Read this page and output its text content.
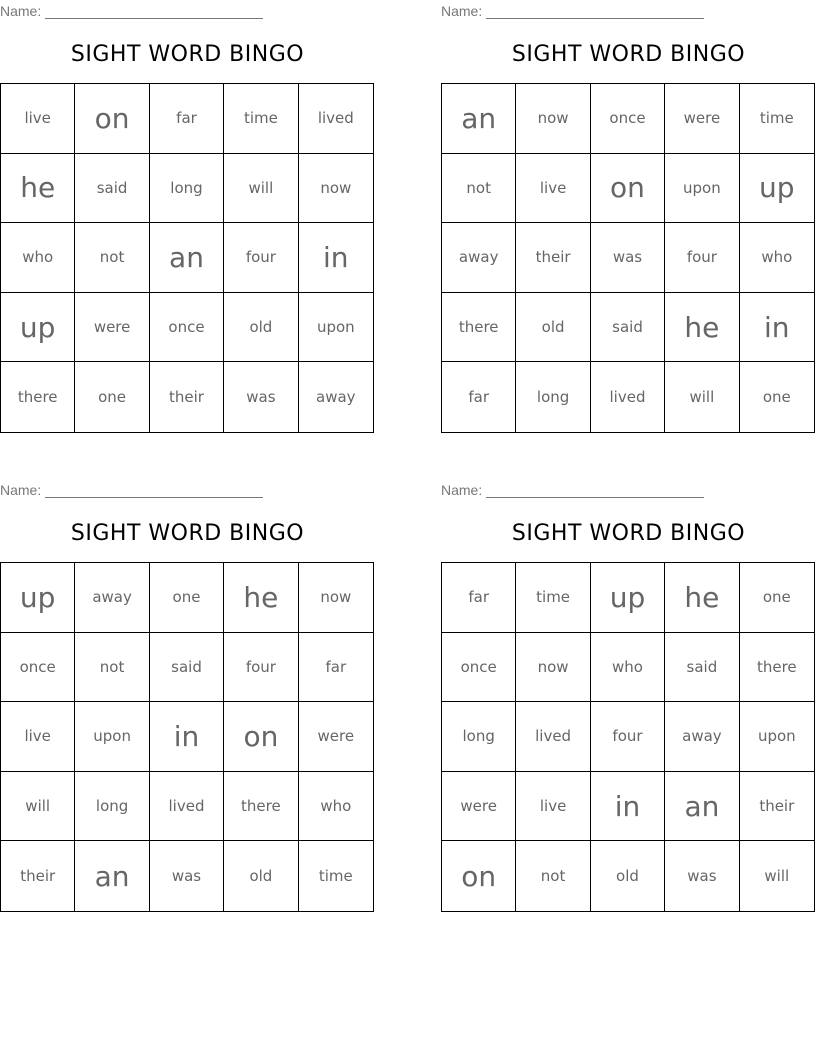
Name:
SIGHT WORD BINGO
live	on	far	time	lived
he	said	long	will	now
who	not	an	four	in
up	were	once	old	upon
there	one	their	was	away
Name:
SIGHT WORD BINGO
an	now	once	were	time
not	live	on	upon	up
away	their	was	four	who
there	old	said	he	in
far	long	lived	will	one
Name:
SIGHT WORD BINGO
up	away	one	he	now
once	not	said	four	far
live	upon	in	on	were
will	long	lived	there	who
their	an	was	old	time
Name:
SIGHT WORD BINGO
far	time	up	he	one
once	now	who	said	there
long	lived	four	away	upon
were	live	in	an	their
on	not	old	was	will
